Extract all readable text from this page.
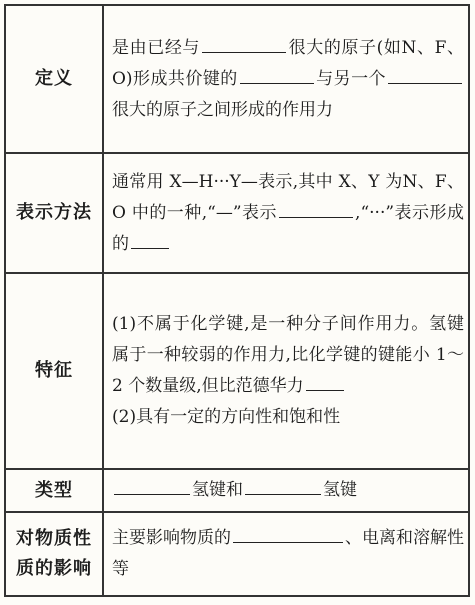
定义	是由已经与 很大的原子(如N、F、O)形成共价键的 与另一个很大的原子之间形成的作用力
表示方法	通常用 X—H···Y—表示,其中 X、Y 为N、F、O 中的一种,“—”表示 ,“···”表示形成的
特征	(1)不属于化学键,是一种分子间作用力。氢键属于一种较弱的作用力,比化学键的键能小 1～2 个数量级,但比范德华力
(2)具有一定的方向性和饱和性

类型	氢键和 氢键

对物质性
质的影响	主要影响物质的 、电离和溶解性等
